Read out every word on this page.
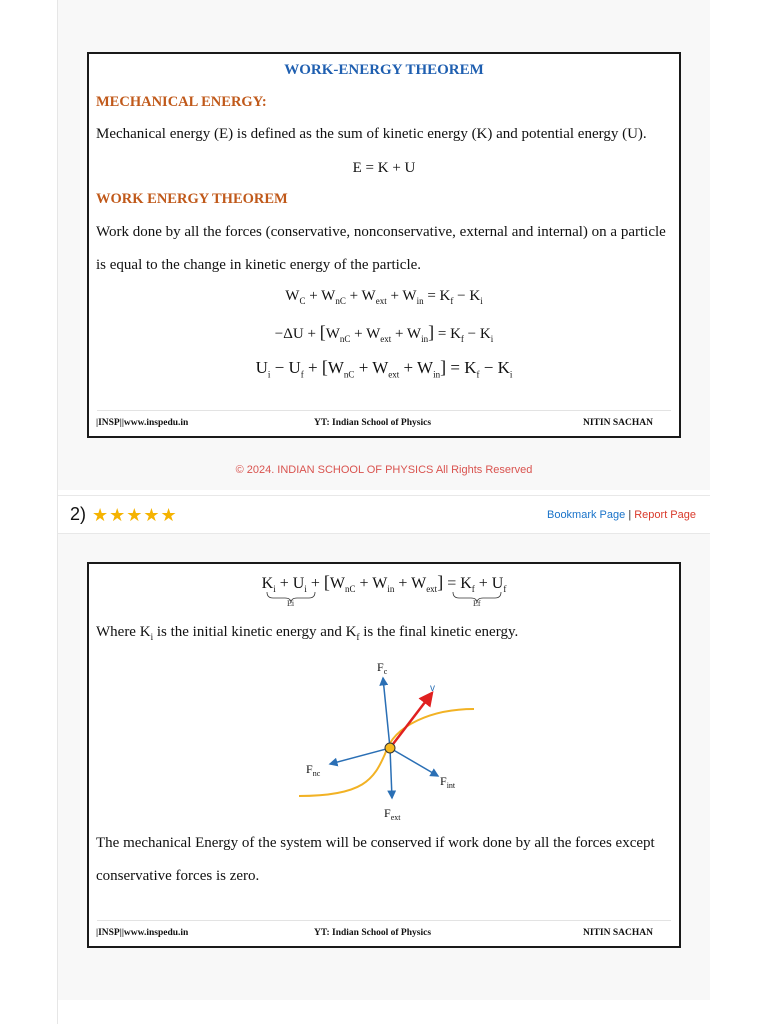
WORK-ENERGY THEOREM
MECHANICAL ENERGY:
Mechanical energy (E) is defined as the sum of kinetic energy (K) and potential energy (U).
E = K + U
WORK ENERGY THEOREM
Work done by all the forces (conservative, nonconservative, external and internal) on a particle
is equal to the change in kinetic energy of the particle.
$W_C + W_{nC} + W_{ext} + W_{in} = K_f - K_i$
$-\Delta U + [W_{nC} + W_{ext} + W_{in}] = K_f - K_i$
$U_i - U_f + [W_{nC} + W_{ext} + W_{in}] = K_f - K_i$
|INSP||www.inspedu.in	YT: Indian School of Physics	NITIN SACHAN
© 2024. INDIAN SCHOOL OF PHYSICS All Rights Reserved
2) ★★★★★	Bookmark Page | Report Page
$K_i + U_i + [W_{nC} + W_{in} + W_{ext}] = K_f + U_f$
Ei	Ef
Where $K_i$ is the initial kinetic energy and $K_f$ is the final kinetic energy.
$F_c$
v
$F_{nc}$
$F_{int}$
$F_{ext}$
The mechanical Energy of the system will be conserved if work done by all the forces except
conservative forces is zero.
|INSP||www.inspedu.in	YT: Indian School of Physics	NITIN SACHAN
